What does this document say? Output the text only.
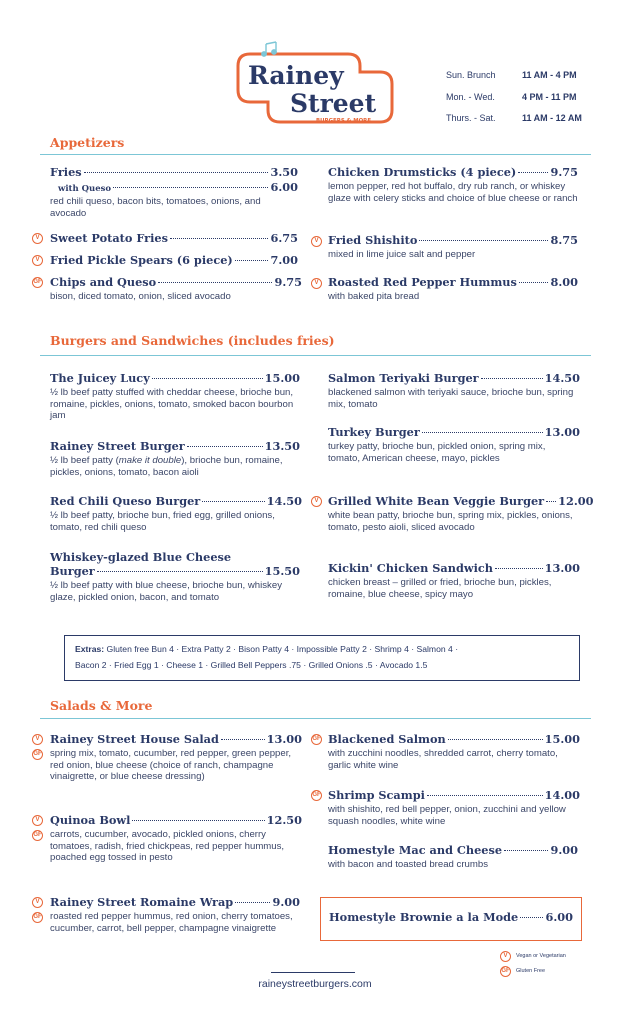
Rainey
Street
BURGERS & MORE
Sun. Brunch	11 AM - 4 PM
Mon. - Wed.	4 PM - 11 PM
Thurs. - Sat.	11 AM - 12 AM
Appetizers
Fries	3.50
with Queso	6.00
red chili queso, bacon bits, tomatoes, onions, and avocado
V Sweet Potato Fries	6.75
V Fried Pickle Spears (6 piece)	7.00
GF Chips and Queso	9.75
bison, diced tomato, onion, sliced avocado
Chicken Drumsticks (4 piece)	9.75
lemon pepper, red hot buffalo, dry rub ranch, or whiskey glaze with celery sticks and choice of blue cheese or ranch
V Fried Shishito	8.75
mixed in lime juice salt and pepper
V Roasted Red Pepper Hummus	8.00
with baked pita bread
Burgers and Sandwiches (includes fries)
The Juicey Lucy	15.00
½ lb beef patty stuffed with cheddar cheese, brioche bun, romaine, pickles, onions, tomato, smoked bacon bourbon jam
Rainey Street Burger	13.50
½ lb beef patty (make it double), brioche bun, romaine, pickles, onions, tomato, bacon aioli
Red Chili Queso Burger	14.50
½ lb beef patty, brioche bun, fried egg, grilled onions, tomato, red chili queso
Whiskey-glazed Blue Cheese
Burger	15.50
½ lb beef patty with blue cheese, brioche bun, whiskey glaze, pickled onion, bacon, and tomato
Salmon Teriyaki Burger	14.50
blackened salmon with teriyaki sauce, brioche bun, spring mix, tomato
Turkey Burger	13.00
turkey patty, brioche bun, pickled onion, spring mix, tomato, American cheese, mayo, pickles
V Grilled White Bean Veggie Burger 12.00
white bean patty, brioche bun, spring mix, pickles, onions, tomato, pesto aioli, sliced avocado
Kickin' Chicken Sandwich	13.00
chicken breast – grilled or fried, brioche bun, pickles, romaine, blue cheese, spicy mayo
Extras: Gluten free Bun 4 · Extra Patty 2 · Bison Patty 4 · Impossible Patty 2 · Shrimp 4 · Salmon 4 ·
Bacon 2 · Fried Egg 1 · Cheese 1 · Grilled Bell Peppers .75 · Grilled Onions .5 · Avocado 1.5
Salads & More
V
GF
Rainey Street House Salad	13.00
spring mix, tomato, cucumber, red pepper, green pepper, red onion, blue cheese (choice of ranch, champagne vinaigrette, or blue cheese dressing)
V
GF
Quinoa Bowl	12.50
carrots, cucumber, avocado, pickled onions, cherry tomatoes, radish, fried chickpeas, red pepper hummus, poached egg tossed in pesto
V
GF
Rainey Street Romaine Wrap	9.00
roasted red pepper hummus, red onion, cherry tomatoes, cucumber, carrot, bell pepper, champagne vinaigrette
GF Blackened Salmon	15.00
with zucchini noodles, shredded carrot, cherry tomato, garlic white wine
GF Shrimp Scampi	14.00
with shishito, red bell pepper, onion, zucchini and yellow squash noodles, white wine
Homestyle Mac and Cheese	9.00
with bacon and toasted bread crumbs
Homestyle Brownie a la Mode 6.00
V	Vegan or Vegetarian
GF Gluten Free
raineystreetburgers.com
